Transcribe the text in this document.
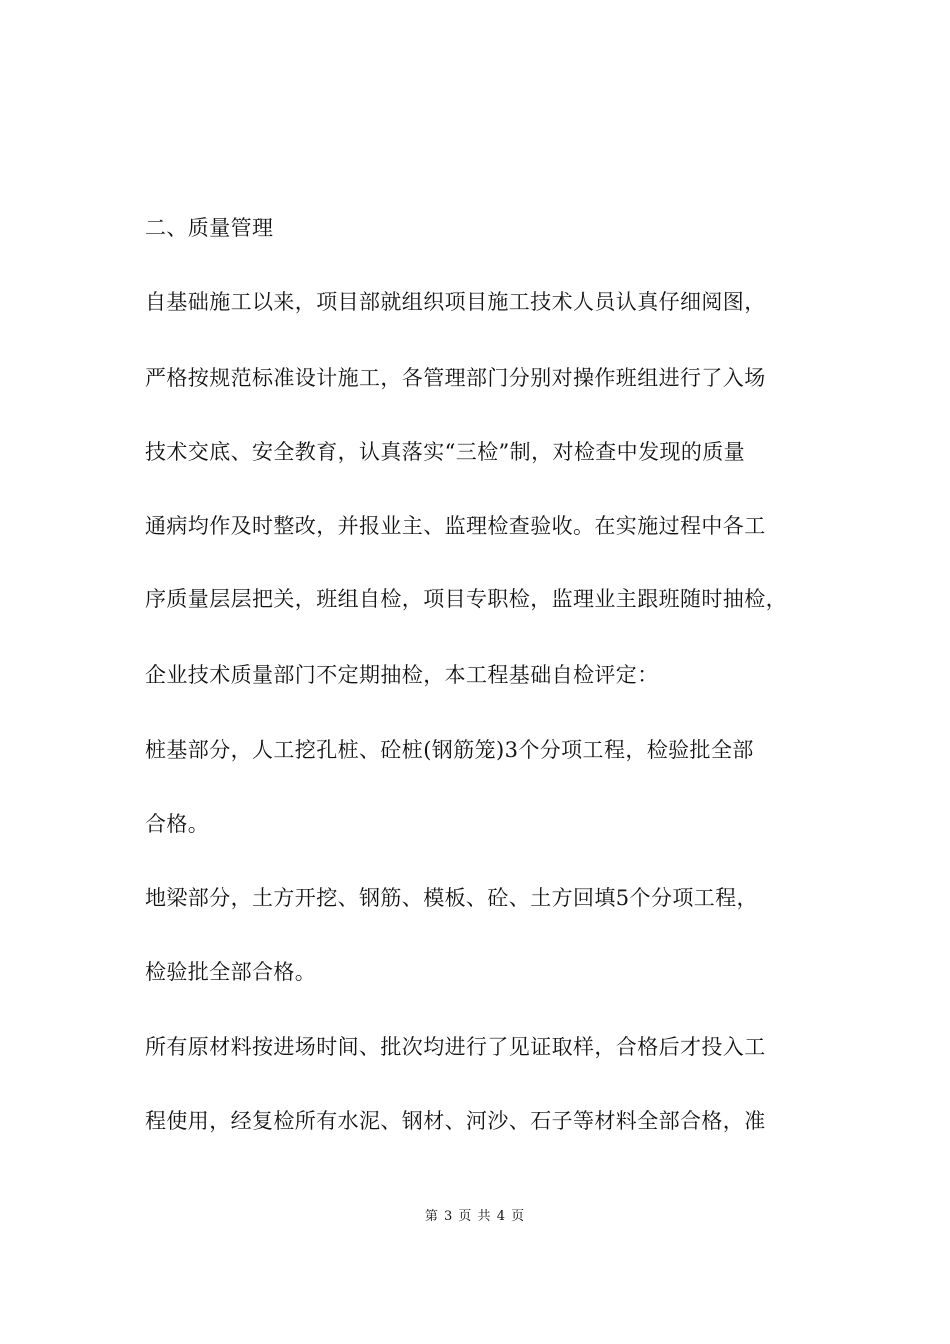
二、质量管理
自基础施工以来，项目部就组织项目施工技术人员认真仔细阅图，
严格按规范标准设计施工，各管理部门分别对操作班组进行了入场
技术交底、安全教育，认真落实“三检”制，对检查中发现的质量
通病均作及时整改，并报业主、监理检查验收。在实施过程中各工
序质量层层把关，班组自检，项目专职检，监理业主跟班随时抽检，
企业技术质量部门不定期抽检，本工程基础自检评定：
桩基部分，人工挖孔桩、砼桩(钢筋笼)3个分项工程，检验批全部
合格。
地梁部分，土方开挖、钢筋、模板、砼、土方回填5个分项工程，
检验批全部合格。
所有原材料按进场时间、批次均进行了见证取样，合格后才投入工
程使用，经复检所有水泥、钢材、河沙、石子等材料全部合格，准
第 3 页 共 4 页
